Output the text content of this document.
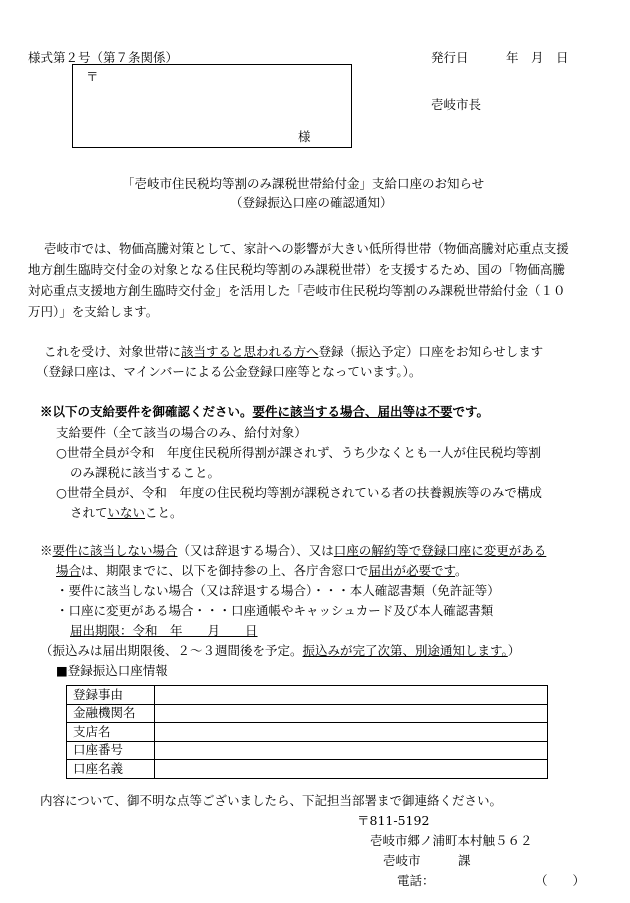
様式第２号（第７条関係）	発行日　　　年　月　日
〒
様
壱岐市長
「壱岐市住民税均等割のみ課税世帯給付金」支給口座のお知らせ
（登録振込口座の確認通知）
壱岐市では、物価高騰対策として、家計への影響が大きい低所得世帯（物価高騰対応重点支援
地方創生臨時交付金の対象となる住民税均等割のみ課税世帯）を支援するため、国の「物価高騰
対応重点支援地方創生臨時交付金」を活用した「壱岐市住民税均等割のみ課税世帯給付金（１０
万円）」を支給します。
これを受け、対象世帯に該当すると思われる方へ登録（振込予定）口座をお知らせします
（登録口座は、マインバーによる公金登録口座等となっています。）。
※以下の支給要件を御確認ください。要件に該当する場合、届出等は不要です。
支給要件（全て該当の場合のみ、給付対象）
○世帯全員が令和　年度住民税所得割が課されず、うち少なくとも一人が住民税均等割
のみ課税に該当すること。
○世帯全員が、令和　年度の住民税均等割が課税されている者の扶養親族等のみで構成
されていないこと。
※要件に該当しない場合（又は辞退する場合）、又は口座の解約等で登録口座に変更がある
場合は、期限までに、以下を御持参の上、各庁舎窓口で届出が必要です。
・要件に該当しない場合（又は辞退する場合）・・・本人確認書類（免許証等）
・口座に変更がある場合・・・口座通帳やキャッシュカード及び本人確認書類
届出期限：令和　年　　月　　日
（振込みは届出期限後、２～３週間後を予定。振込みが完了次第、別途通知します。）
■登録振込口座情報
登録事由	
金融機関名	
支店名	
口座番号	
口座名義	
内容について、御不明な点等ございましたら、下記担当部署まで御連絡ください。
〒811-5192
壱岐市郷ノ浦町本村触５６２
壱岐市　　　課
電話：	（　　）
